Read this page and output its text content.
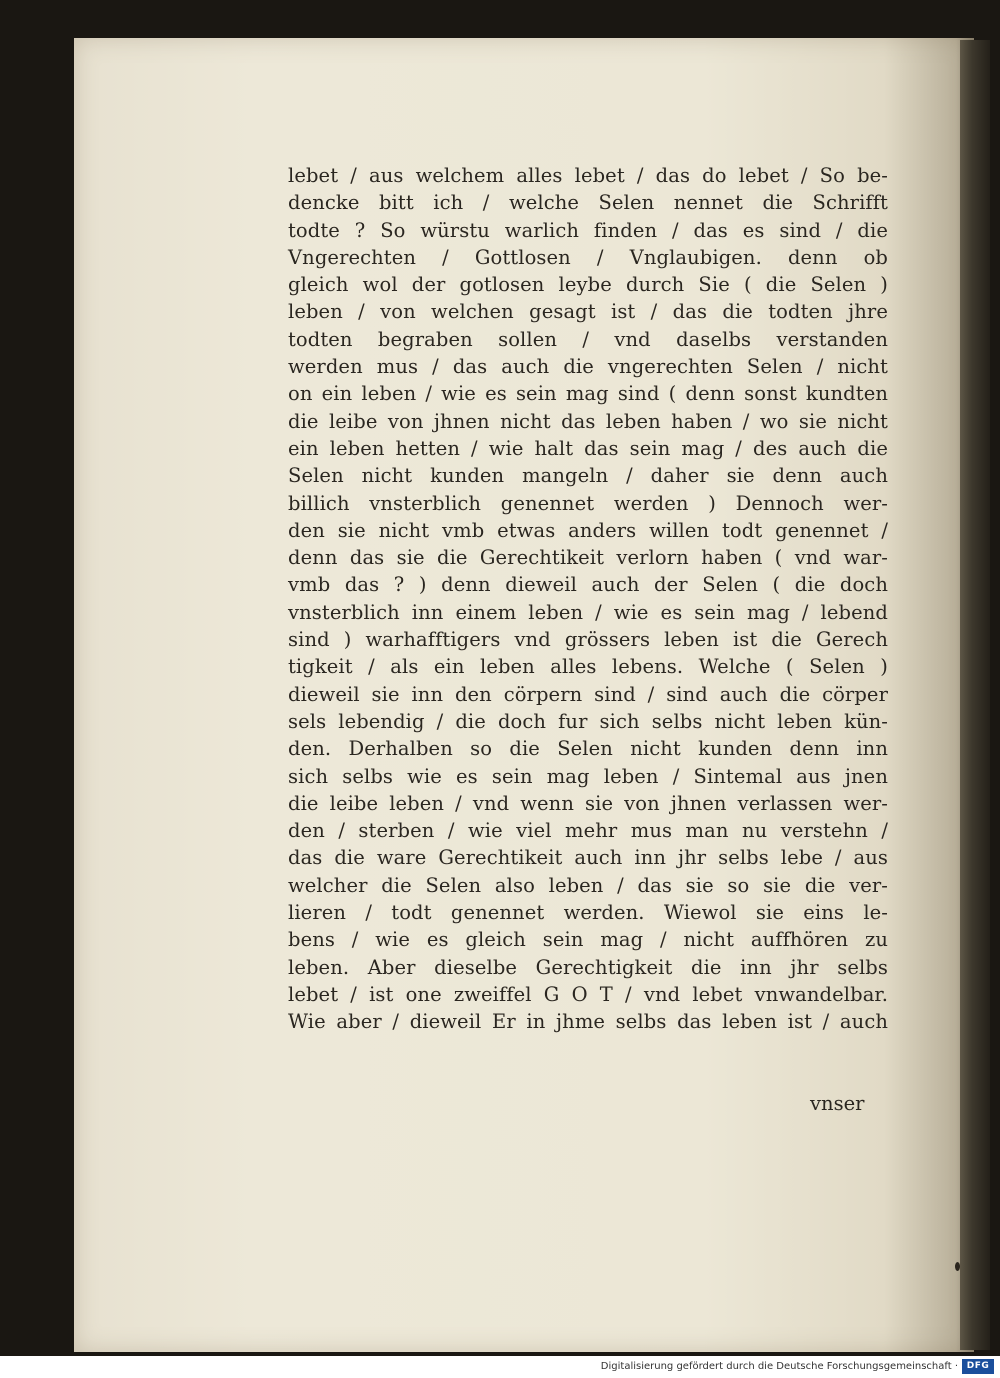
lebet / aus welchem alles lebet / das do lebet / So be-
dencke bitt ich / welche Selen nennet die Schrifft
todte ? So würstu warlich finden / das es sind / die
Vngerechten / Gottlosen / Vnglaubigen. denn ob
gleich wol der gotlosen leybe durch Sie ( die Selen )
leben / von welchen gesagt ist / das die todten jhre
todten begraben sollen / vnd daselbs verstanden
werden mus / das auch die vngerechten Selen / nicht
on ein leben / wie es sein mag sind ( denn sonst kundten
die leibe von jhnen nicht das leben haben / wo sie nicht
ein leben hetten / wie halt das sein mag / des auch die
Selen nicht kunden mangeln / daher sie denn auch
billich vnsterblich genennet werden ) Dennoch wer-
den sie nicht vmb etwas anders willen todt genennet /
denn das sie die Gerechtikeit verlorn haben ( vnd war-
vmb das ? ) denn dieweil auch der Selen ( die doch
vnsterblich inn einem leben / wie es sein mag / lebend
sind ) warhafftigers vnd grössers leben ist die Gerech
tigkeit / als ein leben alles lebens. Welche ( Selen )
dieweil sie inn den cörpern sind / sind auch die cörper
sels lebendig / die doch fur sich selbs nicht leben kün-
den. Derhalben so die Selen nicht kunden denn inn
sich selbs wie es sein mag leben / Sintemal aus jnen
die leibe leben / vnd wenn sie von jhnen verlassen wer-
den / sterben / wie viel mehr mus man nu verstehn /
das die ware Gerechtikeit auch inn jhr selbs lebe / aus
welcher die Selen also leben / das sie so sie die ver-
lieren / todt genennet werden. Wiewol sie eins le-
bens / wie es gleich sein mag / nicht auffhören zu
leben. Aber dieselbe Gerechtigkeit die inn jhr selbs
lebet / ist one zweiffel G O T / vnd lebet vnwandelbar.
Wie aber / dieweil Er in jhme selbs das leben ist / auch
vnser
Digitalisierung gefördert durch die Deutsche Forschungsgemeinschaft · DFG
